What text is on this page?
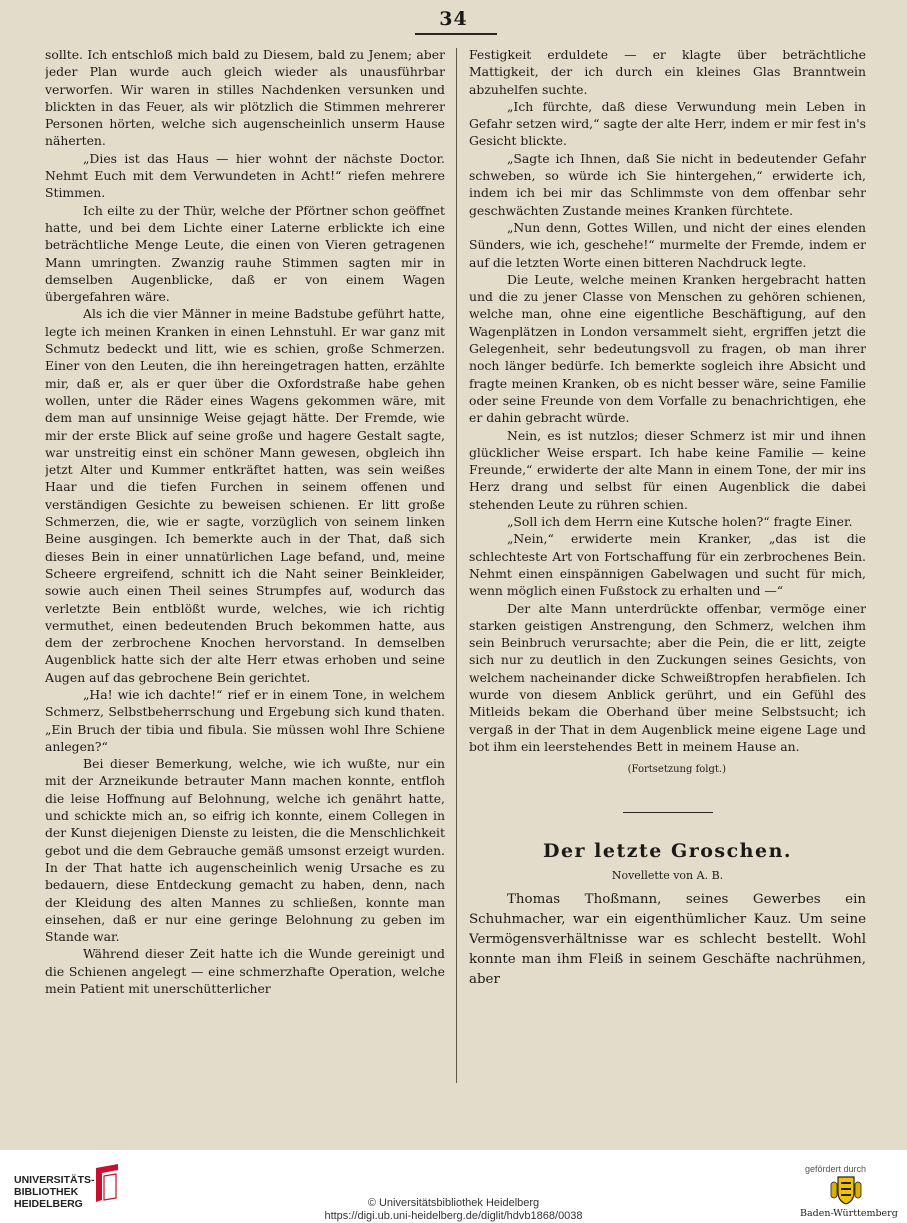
34

sollte. Ich entschloß mich bald zu Diesem, bald zu Jenem; aber jeder Plan wurde auch gleich wieder als unausführbar verworfen. Wir waren in stilles Nachdenken versunken und blickten in das Feuer, als wir plötzlich die Stimmen mehrerer Personen hörten, welche sich augenscheinlich unserm Hause näherten.

„Dies ist das Haus — hier wohnt der nächste Doctor. Nehmt Euch mit dem Verwundeten in Acht!“ riefen mehrere Stimmen.

Ich eilte zu der Thür, welche der Pförtner schon geöffnet hatte, und bei dem Lichte einer Laterne erblickte ich eine beträchtliche Menge Leute, die einen von Vieren getragenen Mann umringten. Zwanzig rauhe Stimmen sagten mir in demselben Augenblicke, daß er von einem Wagen übergefahren wäre.

Als ich die vier Männer in meine Badstube geführt hatte, legte ich meinen Kranken in einen Lehnstuhl. Er war ganz mit Schmutz bedeckt und litt, wie es schien, große Schmerzen. Einer von den Leuten, die ihn hereingetragen hatten, erzählte mir, daß er, als er quer über die Oxfordstraße habe gehen wollen, unter die Räder eines Wagens gekommen wäre, mit dem man auf unsinnige Weise gejagt hätte. Der Fremde, wie mir der erste Blick auf seine große und hagere Gestalt sagte, war unstreitig einst ein schöner Mann gewesen, obgleich ihn jetzt Alter und Kummer entkräftet hatten, was sein weißes Haar und die tiefen Furchen in seinem offenen und verständigen Gesichte zu beweisen schienen. Er litt große Schmerzen, die, wie er sagte, vorzüglich von seinem linken Beine ausgingen. Ich bemerkte auch in der That, daß sich dieses Bein in einer unnatürlichen Lage befand, und, meine Scheere ergreifend, schnitt ich die Naht seiner Beinkleider, sowie auch einen Theil seines Strumpfes auf, wodurch das verletzte Bein entblößt wurde, welches, wie ich richtig vermuthet, einen bedeutenden Bruch bekommen hatte, aus dem der zerbrochene Knochen hervorstand. In demselben Augenblick hatte sich der alte Herr etwas erhoben und seine Augen auf das gebrochene Bein gerichtet.

„Ha! wie ich dachte!“ rief er in einem Tone, in welchem Schmerz, Selbstbeherrschung und Ergebung sich kund thaten. „Ein Bruch der tibia und fibula. Sie müssen wohl Ihre Schiene anlegen?“

Bei dieser Bemerkung, welche, wie ich wußte, nur ein mit der Arzneikunde betrauter Mann machen konnte, entfloh die leise Hoffnung auf Belohnung, welche ich genährt hatte, und schickte mich an, so eifrig ich konnte, einem Collegen in der Kunst diejenigen Dienste zu leisten, die die Menschlichkeit gebot und die dem Gebrauche gemäß umsonst erzeigt wurden. In der That hatte ich augenscheinlich wenig Ursache es zu bedauern, diese Entdeckung gemacht zu haben, denn, nach der Kleidung des alten Mannes zu schließen, konnte man einsehen, daß er nur eine geringe Belohnung zu geben im Stande war.

Während dieser Zeit hatte ich die Wunde gereinigt und die Schienen angelegt — eine schmerzhafte Operation, welche mein Patient mit unerschütterlicher

Festigkeit erduldete — er klagte über beträchtliche Mattigkeit, der ich durch ein kleines Glas Branntwein abzuhelfen suchte.

„Ich fürchte, daß diese Verwundung mein Leben in Gefahr setzen wird,“ sagte der alte Herr, indem er mir fest in's Gesicht blickte.

„Sagte ich Ihnen, daß Sie nicht in bedeutender Gefahr schweben, so würde ich Sie hintergehen,“ erwiderte ich, indem ich bei mir das Schlimmste von dem offenbar sehr geschwächten Zustande meines Kranken fürchtete.

„Nun denn, Gottes Willen, und nicht der eines elenden Sünders, wie ich, geschehe!“ murmelte der Fremde, indem er auf die letzten Worte einen bitteren Nachdruck legte.

Die Leute, welche meinen Kranken hergebracht hatten und die zu jener Classe von Menschen zu gehören schienen, welche man, ohne eine eigentliche Beschäftigung, auf den Wagenplätzen in London versammelt sieht, ergriffen jetzt die Gelegenheit, sehr bedeutungsvoll zu fragen, ob man ihrer noch länger bedürfe. Ich bemerkte sogleich ihre Absicht und fragte meinen Kranken, ob es nicht besser wäre, seine Familie oder seine Freunde von dem Vorfalle zu benachrichtigen, ehe er dahin gebracht würde.

Nein, es ist nutzlos; dieser Schmerz ist mir und ihnen glücklicher Weise erspart. Ich habe keine Familie — keine Freunde,“ erwiderte der alte Mann in einem Tone, der mir ins Herz drang und selbst für einen Augenblick die dabei stehenden Leute zu rühren schien.

„Soll ich dem Herrn eine Kutsche holen?“ fragte Einer.

„Nein,“ erwiderte mein Kranker, „das ist die schlechteste Art von Fortschaffung für ein zerbrochenes Bein. Nehmt einen einspännigen Gabelwagen und sucht für mich, wenn möglich einen Fußstock zu erhalten und —“

Der alte Mann unterdrückte offenbar, vermöge einer starken geistigen Anstrengung, den Schmerz, welchen ihm sein Beinbruch verursachte; aber die Pein, die er litt, zeigte sich nur zu deutlich in den Zuckungen seines Gesichts, von welchem nacheinander dicke Schweißtropfen herabfielen. Ich wurde von diesem Anblick gerührt, und ein Gefühl des Mitleids bekam die Oberhand über meine Selbstsucht; ich vergaß in der That in dem Augenblick meine eigene Lage und bot ihm ein leerstehendes Bett in meinem Hause an.

(Fortsetzung folgt.)
Der letzte Groschen.
Novellette von A. B.

Thomas Thoßmann, seines Gewerbes ein Schuhmacher, war ein eigenthümlicher Kauz. Um seine Vermögensverhältnisse war es schlecht bestellt. Wohl konnte man ihm Fleiß in seinem Geschäfte nachrühmen, aber

UNIVERSITÄTS-
BIBLIOTHEK
HEIDELBERG	© Universitätsbibliothek Heidelberg
https://digi.ub.uni-heidelberg.de/diglit/hdvb1868/0038
gefördert durch
Baden-Württemberg
